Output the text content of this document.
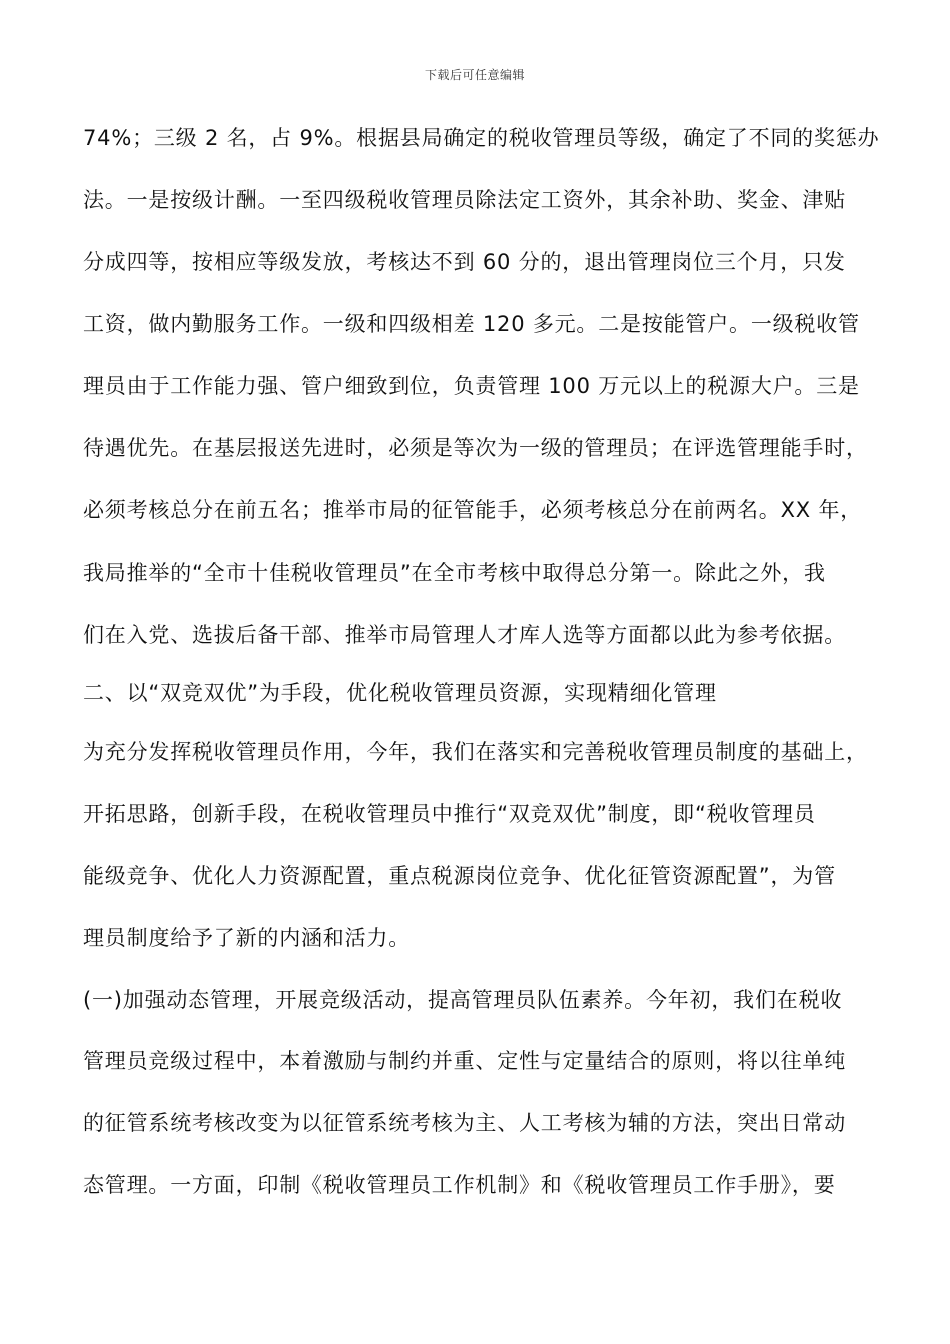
下载后可任意编辑
74%；三级 2 名，占 9%。根据县局确定的税收管理员等级，确定了不同的奖惩办
法。一是按级计酬。一至四级税收管理员除法定工资外，其余补助、奖金、津贴
分成四等，按相应等级发放，考核达不到 60 分的，退出管理岗位三个月，只发
工资，做内勤服务工作。一级和四级相差 120 多元。二是按能管户。一级税收管
理员由于工作能力强、管户细致到位，负责管理 100 万元以上的税源大户。三是
待遇优先。在基层报送先进时，必须是等次为一级的管理员；在评选管理能手时，
必须考核总分在前五名；推举市局的征管能手，必须考核总分在前两名。XX 年，
我局推举的“全市十佳税收管理员”在全市考核中取得总分第一。除此之外，我
们在入党、选拔后备干部、推举市局管理人才库人选等方面都以此为参考依据。
二、以“双竞双优”为手段，优化税收管理员资源，实现精细化管理
为充分发挥税收管理员作用，今年，我们在落实和完善税收管理员制度的基础上，
开拓思路，创新手段，在税收管理员中推行“双竞双优”制度，即“税收管理员
能级竞争、优化人力资源配置，重点税源岗位竞争、优化征管资源配置”，为管
理员制度给予了新的内涵和活力。
(一)加强动态管理，开展竞级活动，提高管理员队伍素养。今年初，我们在税收
管理员竞级过程中，本着激励与制约并重、定性与定量结合的原则，将以往单纯
的征管系统考核改变为以征管系统考核为主、人工考核为辅的方法，突出日常动
态管理。一方面，印制《税收管理员工作机制》和《税收管理员工作手册》，要
